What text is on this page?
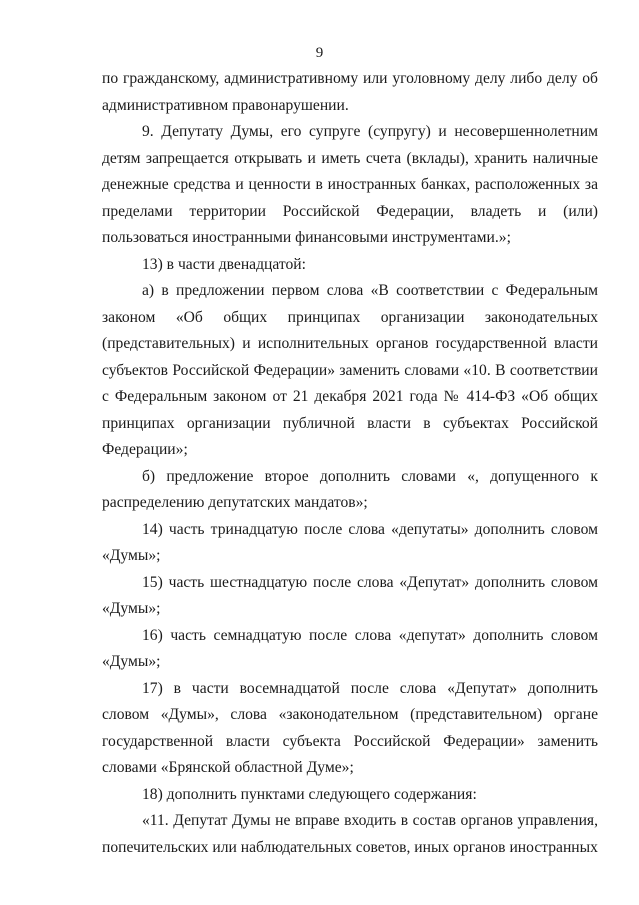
9

по гражданскому, административному или уголовному делу либо делу об административном правонарушении.

9. Депутату Думы, его супруге (супругу) и несовершеннолетним детям запрещается открывать и иметь счета (вклады), хранить наличные денежные средства и ценности в иностранных банках, расположенных за пределами территории Российской Федерации, владеть и (или) пользоваться иностранными финансовыми инструментами.»;

13) в части двенадцатой:

а) в предложении первом слова «В соответствии с Федеральным законом «Об общих принципах организации законодательных (представительных) и исполнительных органов государственной власти субъектов Российской Федерации» заменить словами «10. В соответствии с Федеральным законом от 21 декабря 2021 года № 414-ФЗ «Об общих принципах организации публичной власти в субъектах Российской Федерации»;

б) предложение второе дополнить словами «, допущенного к распределению депутатских мандатов»;

14) часть тринадцатую после слова «депутаты» дополнить словом «Думы»;

15) часть шестнадцатую после слова «Депутат» дополнить словом «Думы»;

16) часть семнадцатую после слова «депутат» дополнить словом «Думы»;

17) в части восемнадцатой после слова «Депутат» дополнить словом «Думы», слова «законодательном (представительном) органе государственной власти субъекта Российской Федерации» заменить словами «Брянской областной Думе»;

18) дополнить пунктами следующего содержания:

«11. Депутат Думы не вправе входить в состав органов управления, попечительских или наблюдательных советов, иных органов иностранных
